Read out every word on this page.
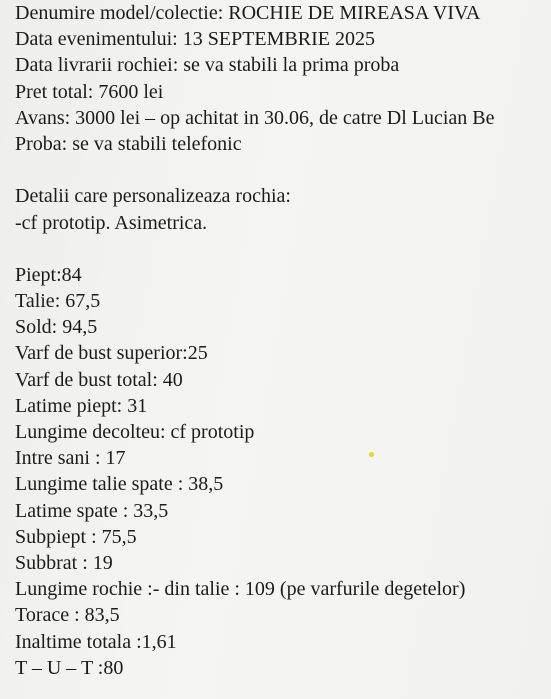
Denumire model/colectie: ROCHIE DE MIREASA VIVA
Data evenimentului: 13 SEPTEMBRIE 2025
Data livrarii rochiei: se va stabili la prima proba
Pret total: 7600 lei
Avans: 3000 lei – op achitat in 30.06, de catre Dl Lucian Be
Proba: se va stabili telefonic
Detalii care personalizeaza rochia:
-cf prototip. Asimetrica.
Piept:84
Talie: 67,5
Sold: 94,5
Varf de bust superior:25
Varf de bust total: 40
Latime piept: 31
Lungime decolteu: cf prototip
Intre sani : 17
Lungime talie spate : 38,5
Latime spate : 33,5
Subpiept : 75,5
Subbrat : 19
Lungime rochie :- din talie : 109 (pe varfurile degetelor)
Torace : 83,5
Inaltime totala :1,61
T – U – T :80
